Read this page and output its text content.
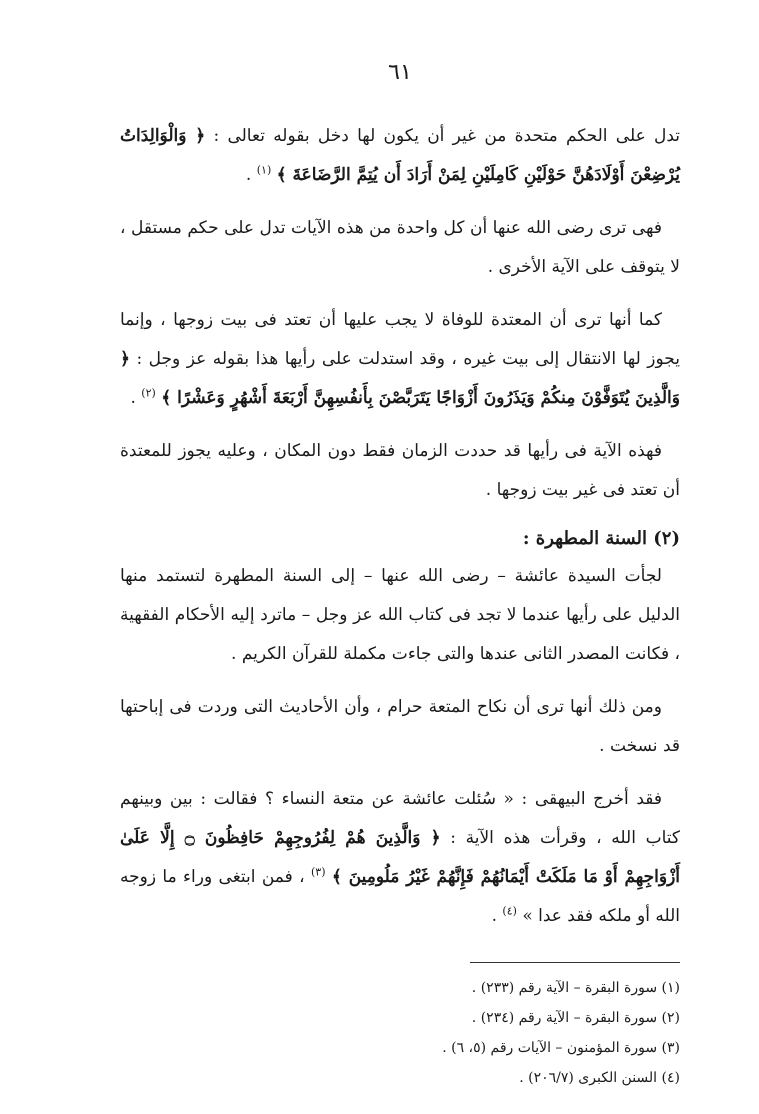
٦١

تدل على الحكم متحدة من غير أن يكون لها دخل بقوله تعالى : ﴿ وَالْوَالِدَاتُ يُرْضِعْنَ أَوْلَادَهُنَّ حَوْلَيْنِ كَامِلَيْنِ لِمَنْ أَرَادَ أَن يُتِمَّ الرَّضَاعَةَ ﴾ $^{(١)}$ .

فهى ترى رضى الله عنها أن كل واحدة من هذه الآيات تدل على حكم مستقل ، لا يتوقف على الآية الأخرى .

كما أنها ترى أن المعتدة للوفاة لا يجب عليها أن تعتد فى بيت زوجها ، وإنما يجوز لها الانتقال إلى بيت غيره ، وقد استدلت على رأيها هذا بقوله عز وجل : ﴿ وَالَّذِينَ يُتَوَفَّوْنَ مِنكُمْ وَيَذَرُونَ أَزْوَاجًا يَتَرَبَّصْنَ بِأَنفُسِهِنَّ أَرْبَعَةَ أَشْهُرٍ وَعَشْرًا ﴾ $^{(٢)}$ .

فهذه الآية فى رأيها قد حددت الزمان فقط دون المكان ، وعليه يجوز للمعتدة أن تعتد فى غير بيت زوجها .

(٢) السنة المطهرة :

لجأت السيدة عائشة – رضى الله عنها – إلى السنة المطهرة لتستمد منها الدليل على رأيها عندما لا تجد فى كتاب الله عز وجل – ماترد إليه الأحكام الفقهية ، فكانت المصدر الثانى عندها والتى جاءت مكملة للقرآن الكريم .

ومن ذلك أنها ترى أن نكاح المتعة حرام ، وأن الأحاديث التى وردت فى إباحتها قد نسخت .

فقد أخرج البيهقى : « سُئلت عائشة عن متعة النساء ؟ فقالت : بين وبينهم كتاب الله ، وقرأت هذه الآية : ﴿ وَالَّذِينَ هُمْ لِفُرُوجِهِمْ حَافِظُونَ ۝ إِلَّا عَلَىٰ أَزْوَاجِهِمْ أَوْ مَا مَلَكَتْ أَيْمَانُهُمْ فَإِنَّهُمْ غَيْرُ مَلُومِينَ ﴾ $^{(٣)}$ ، فمن ابتغى وراء ما زوجه الله أو ملكه فقد عدا » $^{(٤)}$ .

(١) سورة البقرة – الآية رقم (٢٣٣) .
(٢) سورة البقرة – الآية رقم (٢٣٤) .
(٣) سورة المؤمنون – الآيات رقم (٥، ٦) .
(٤) السنن الكبرى (٢٠٦/٧) .
